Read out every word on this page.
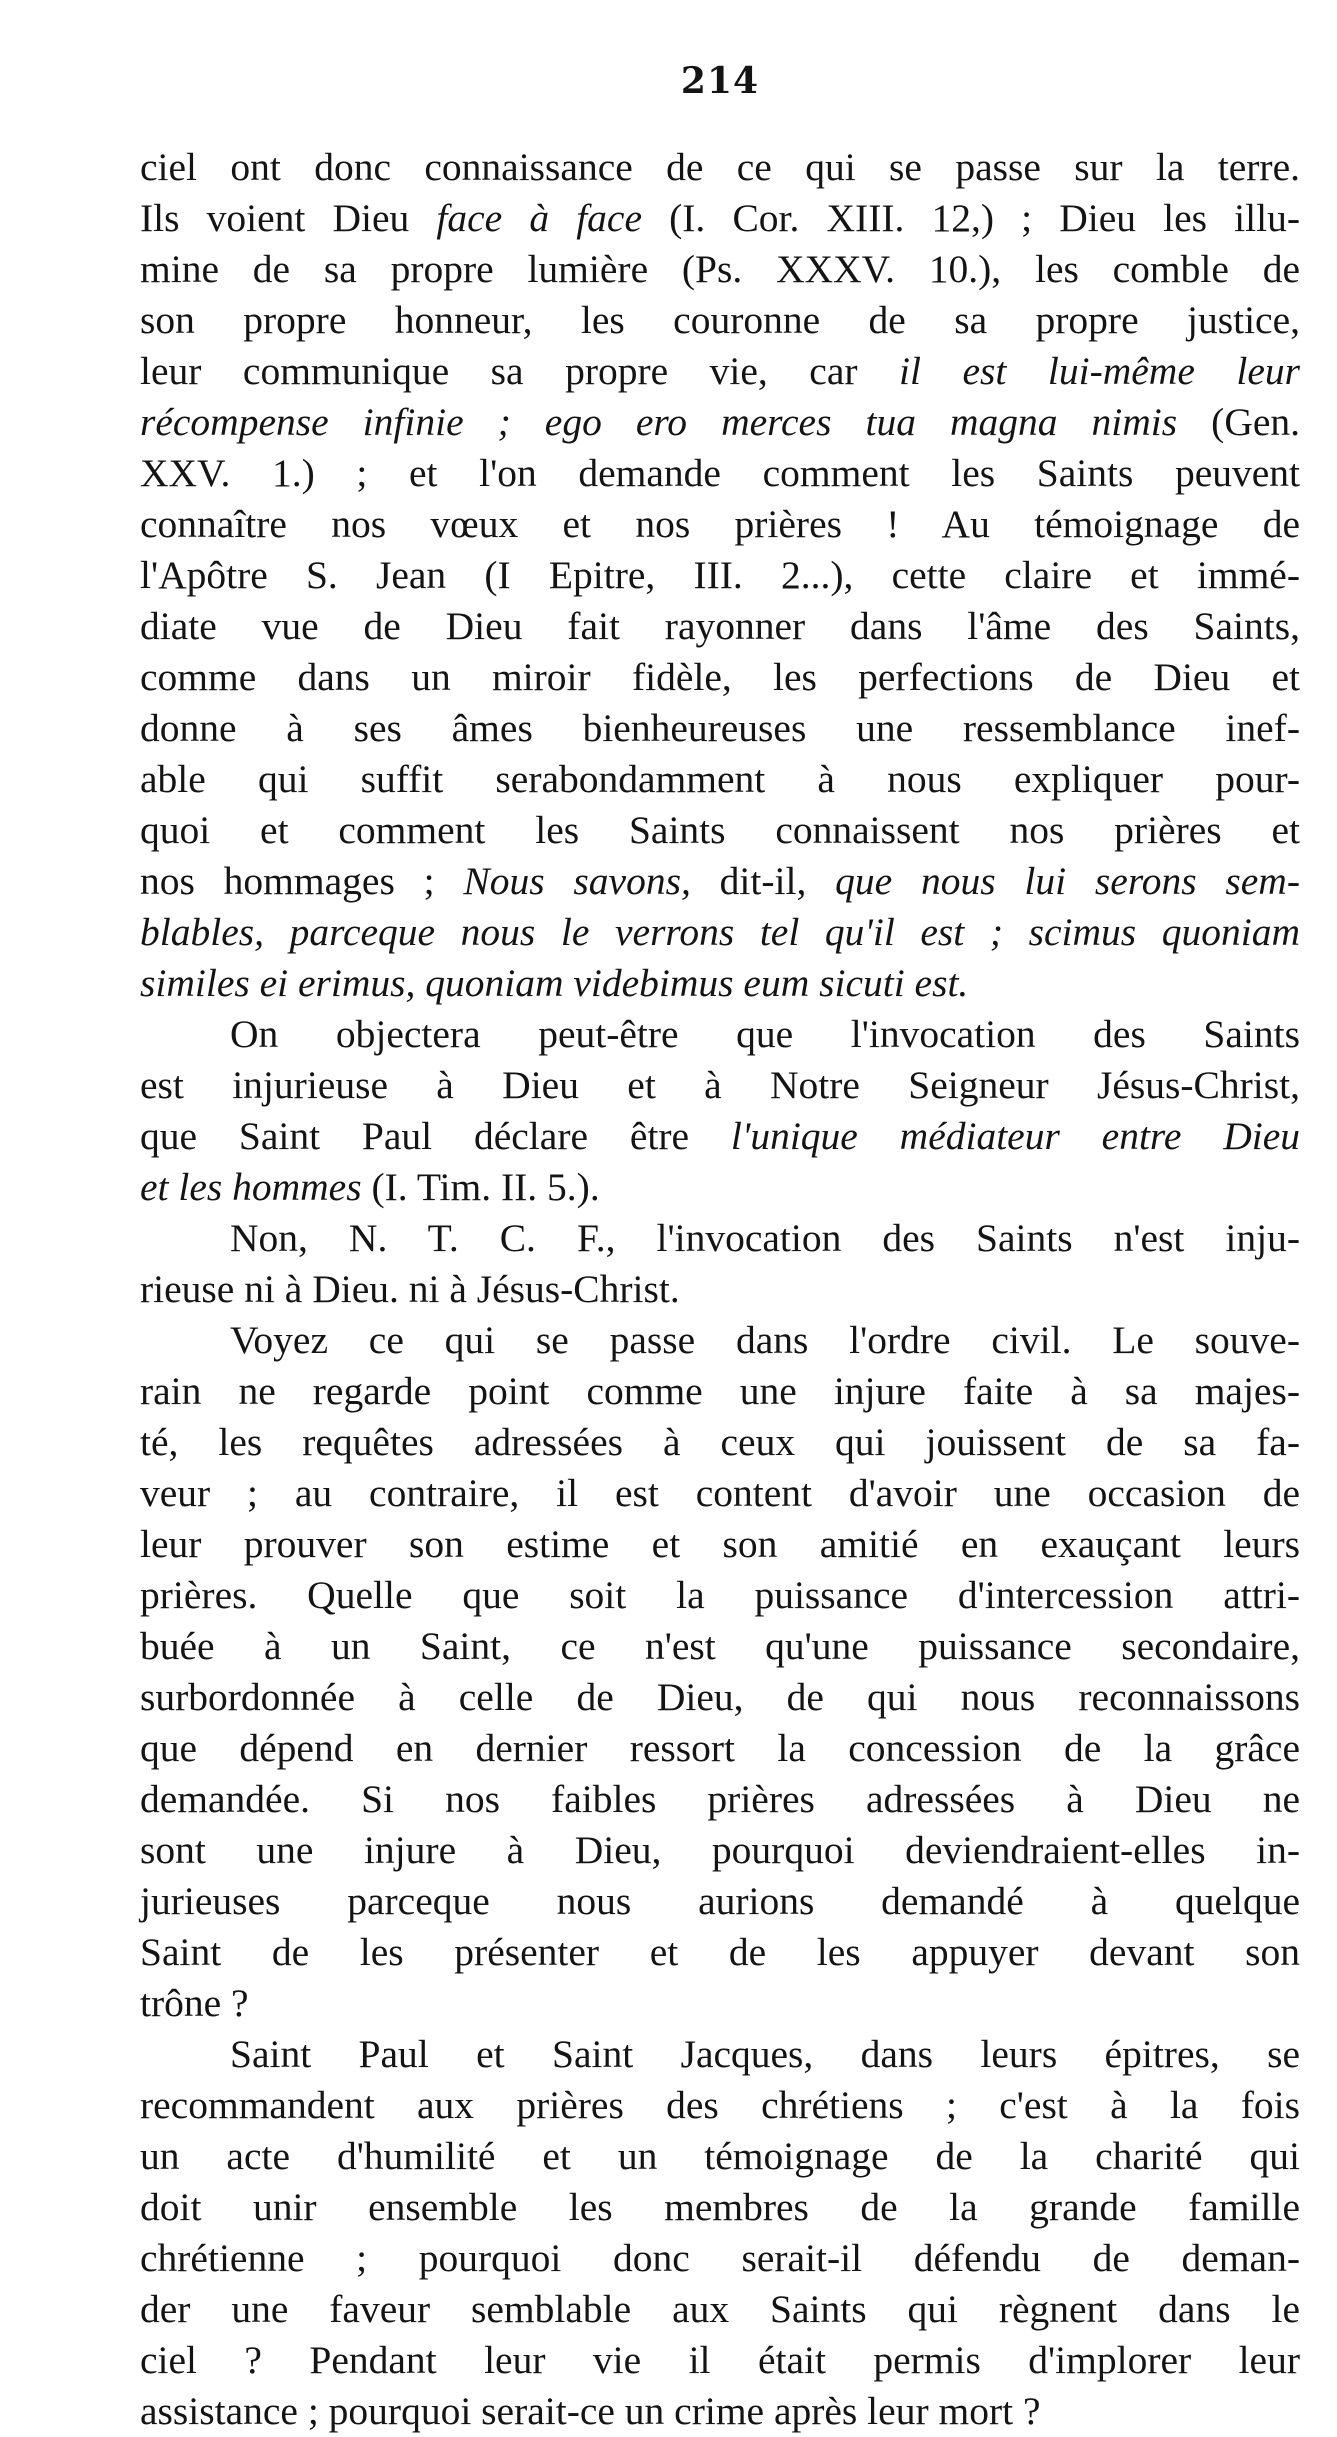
214
ciel ont donc connaissance de ce qui se passe sur la terre.
Ils voient Dieu face à face (I. Cor. XIII. 12,) ; Dieu les illu-
mine de sa propre lumière (Ps. XXXV. 10.), les comble de
son propre honneur, les couronne de sa propre justice,
leur communique sa propre vie, car il est lui-même leur
récompense infinie ; ego ero merces tua magna nimis (Gen.
XXV. 1.) ; et l'on demande comment les Saints peuvent
connaître nos vœux et nos prières ! Au témoignage de
l'Apôtre S. Jean (I Epitre, III. 2...), cette claire et immé-
diate vue de Dieu fait rayonner dans l'âme des Saints,
comme dans un miroir fidèle, les perfections de Dieu et
donne à ses âmes bienheureuses une ressemblance inef-
able qui suffit serabondamment à nous expliquer pour-
quoi et comment les Saints connaissent nos prières et
nos hommages ; Nous savons, dit-il, que nous lui serons sem-
blables, parceque nous le verrons tel qu'il est ; scimus quoniam
similes ei erimus, quoniam videbimus eum sicuti est.
On objectera peut-être que l'invocation des Saints
est injurieuse à Dieu et à Notre Seigneur Jésus-Christ,
que Saint Paul déclare être l'unique médiateur entre Dieu
et les hommes (I. Tim. II. 5.).
Non, N. T. C. F., l'invocation des Saints n'est inju-
rieuse ni à Dieu. ni à Jésus-Christ.
Voyez ce qui se passe dans l'ordre civil. Le souve-
rain ne regarde point comme une injure faite à sa majes-
té, les requêtes adressées à ceux qui jouissent de sa fa-
veur ; au contraire, il est content d'avoir une occasion de
leur prouver son estime et son amitié en exauçant leurs
prières. Quelle que soit la puissance d'intercession attri-
buée à un Saint, ce n'est qu'une puissance secondaire,
surbordonnée à celle de Dieu, de qui nous reconnaissons
que dépend en dernier ressort la concession de la grâce
demandée. Si nos faibles prières adressées à Dieu ne
sont une injure à Dieu, pourquoi deviendraient-elles in-
jurieuses parceque nous aurions demandé à quelque
Saint de les présenter et de les appuyer devant son
trône ?
Saint Paul et Saint Jacques, dans leurs épitres, se
recommandent aux prières des chrétiens ; c'est à la fois
un acte d'humilité et un témoignage de la charité qui
doit unir ensemble les membres de la grande famille
chrétienne ; pourquoi donc serait-il défendu de deman-
der une faveur semblable aux Saints qui règnent dans le
ciel ? Pendant leur vie il était permis d'implorer leur
assistance ; pourquoi serait-ce un crime après leur mort ?
